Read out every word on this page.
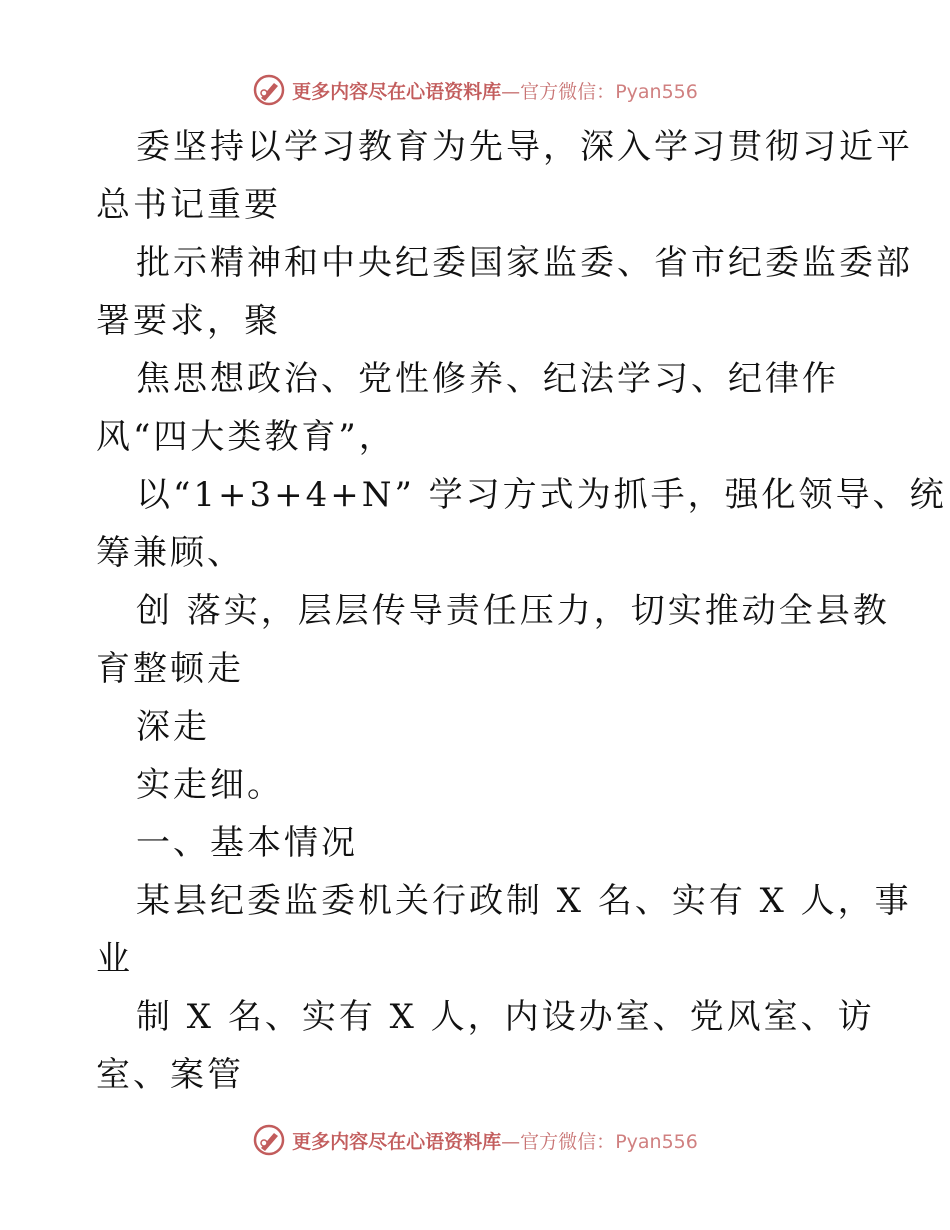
更多内容尽在心语资料库—官方微信：Pyan556
委坚持以学习教育为先导，深入学习贯彻习近平
总书记重要
批示精神和中央纪委国家监委、省市纪委监委部
署要求，聚
焦思想政治、党性修养、纪法学习、纪律作
风“四大类教育”，
以“1+3+4+N” 学习方式为抓手，强化领导、统
筹兼顾、
创 落实，层层传导责任压力，切实推动全县教
育整顿走
深走
实走细。
一、基本情况
某县纪委监委机关行政制 X 名、实有 X 人，事
业
制 X 名、实有 X 人，内设办室、党风室、访
室、案管
更多内容尽在心语资料库—官方微信：Pyan556
